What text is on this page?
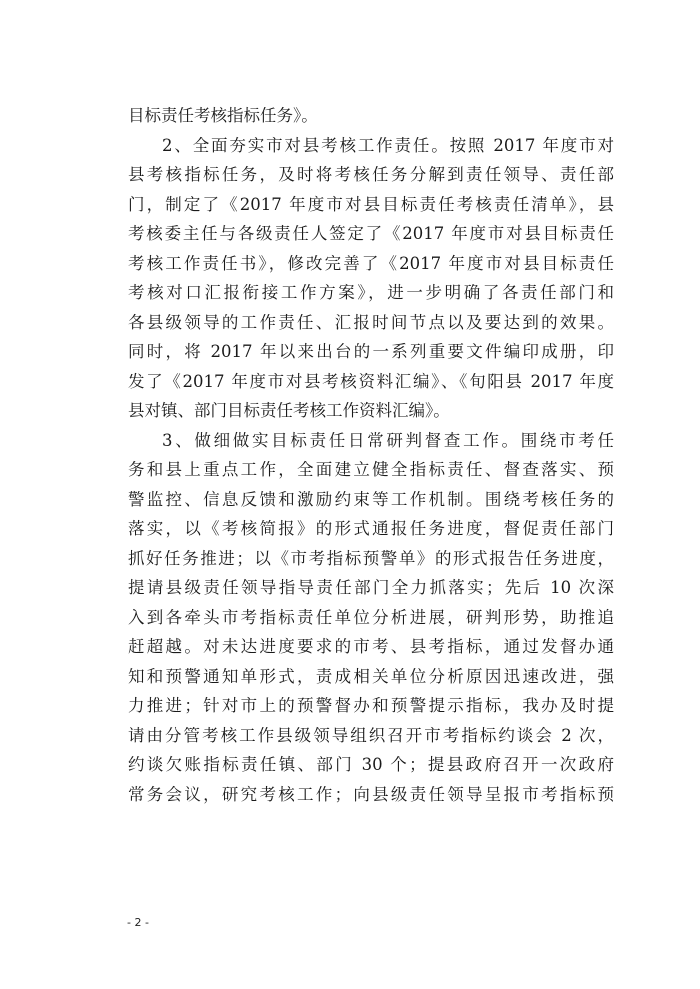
目标责任考核指标任务》。
2、全面夯实市对县考核工作责任。按照 2017 年度市对
县考核指标任务，及时将考核任务分解到责任领导、责任部
门，制定了《2017 年度市对县目标责任考核责任清单》，县
考核委主任与各级责任人签定了《2017 年度市对县目标责任
考核工作责任书》，修改完善了《2017 年度市对县目标责任
考核对口汇报衔接工作方案》，进一步明确了各责任部门和
各县级领导的工作责任、汇报时间节点以及要达到的效果。
同时，将 2017 年以来出台的一系列重要文件编印成册，印
发了《2017 年度市对县考核资料汇编》、《旬阳县 2017 年度
县对镇、部门目标责任考核工作资料汇编》。
3、做细做实目标责任日常研判督查工作。围绕市考任
务和县上重点工作，全面建立健全指标责任、督查落实、预
警监控、信息反馈和激励约束等工作机制。围绕考核任务的
落实，以《考核简报》的形式通报任务进度，督促责任部门
抓好任务推进；以《市考指标预警单》的形式报告任务进度，
提请县级责任领导指导责任部门全力抓落实；先后 10 次深
入到各牵头市考指标责任单位分析进展，研判形势，助推追
赶超越。对未达进度要求的市考、县考指标，通过发督办通
知和预警通知单形式，责成相关单位分析原因迅速改进，强
力推进；针对市上的预警督办和预警提示指标，我办及时提
请由分管考核工作县级领导组织召开市考指标约谈会 2 次，
约谈欠账指标责任镇、部门 30 个；提县政府召开一次政府
常务会议，研究考核工作；向县级责任领导呈报市考指标预
- 2 -
